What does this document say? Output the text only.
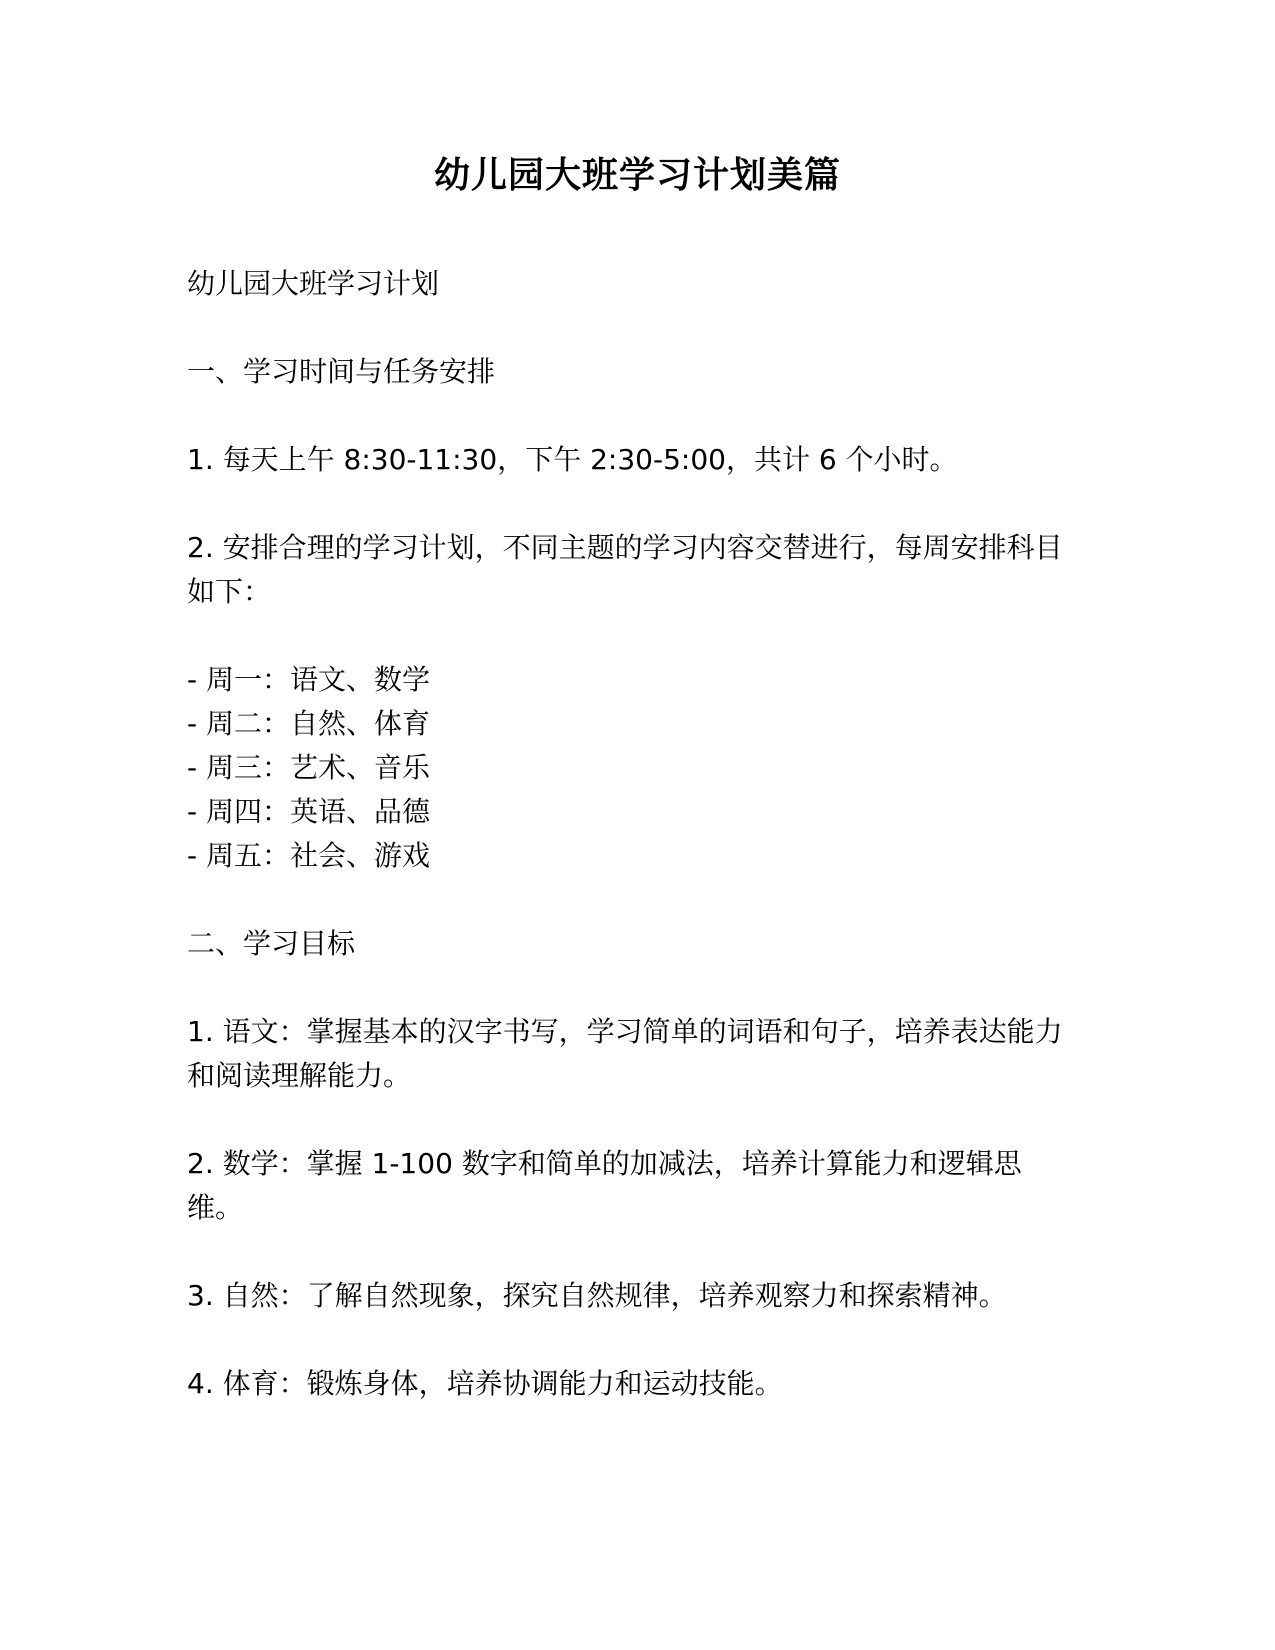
幼儿园大班学习计划美篇

幼儿园大班学习计划

一、学习时间与任务安排

1. 每天上午 8:30-11:30，下午 2:30-5:00，共计 6 个小时。

2. 安排合理的学习计划，不同主题的学习内容交替进行，每周安排科目如下：

- 周一：语文、数学
- 周二：自然、体育
- 周三：艺术、音乐
- 周四：英语、品德
- 周五：社会、游戏

二、学习目标

1. 语文：掌握基本的汉字书写，学习简单的词语和句子，培养表达能力和阅读理解能力。

2. 数学：掌握 1-100 数字和简单的加减法，培养计算能力和逻辑思维。

3. 自然：了解自然现象，探究自然规律，培养观察力和探索精神。

4. 体育：锻炼身体，培养协调能力和运动技能。
